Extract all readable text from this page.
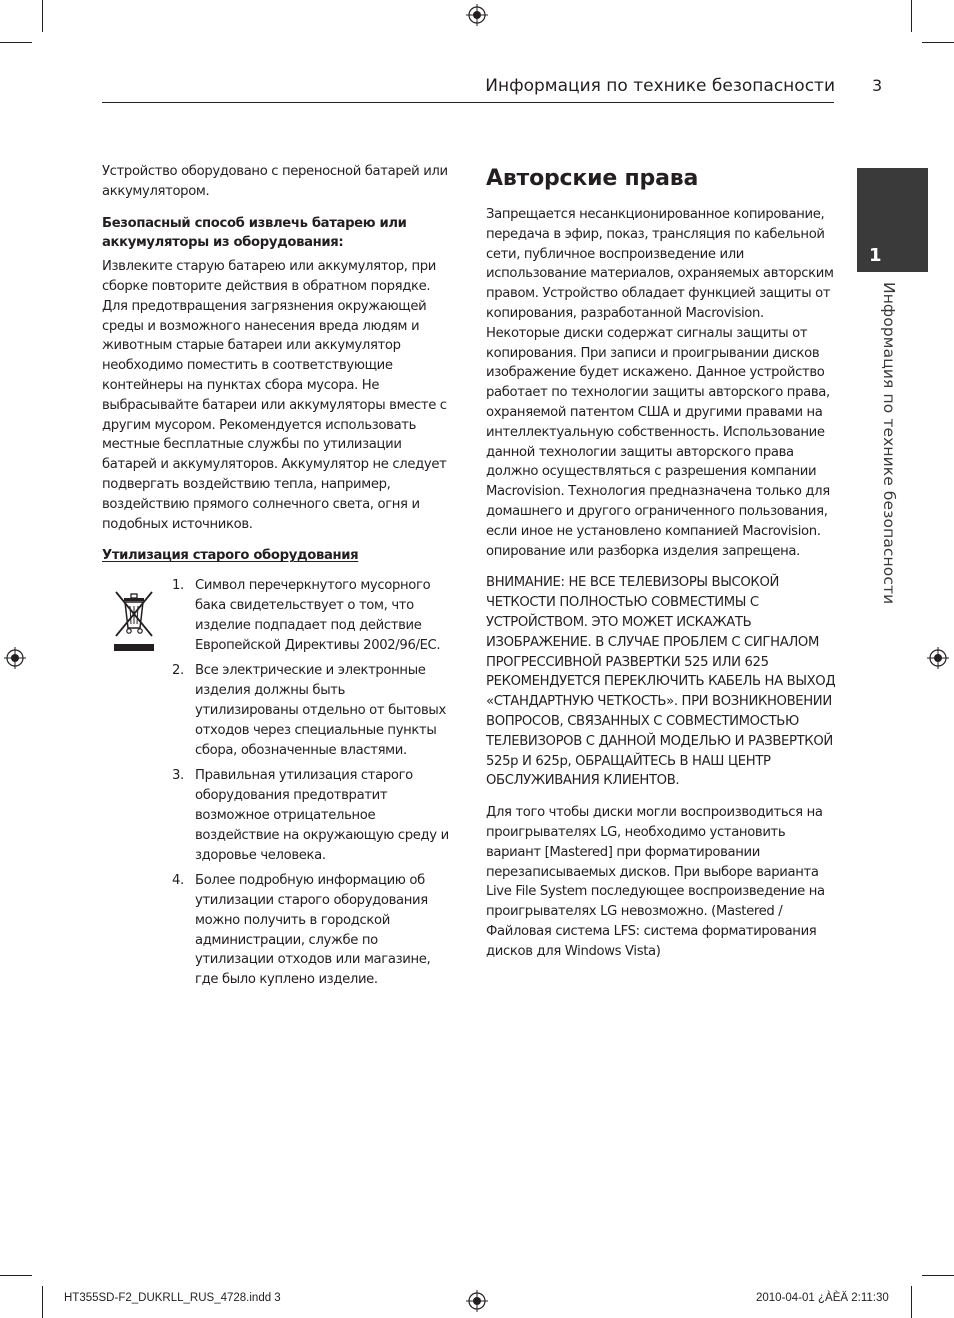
Информация по технике безопасности 3
1
Информация по технике безопасности

Устройство оборудовано с переносной батарей или аккумулятором.

Безопасный способ извлечь батарею или аккумуляторы из оборудования:

Извлеките старую батарею или аккумулятор, при сборке повторите действия в обратном порядке. Для предотвращения загрязнения окружающей среды и возможного нанесения вреда людям и животным старые батареи или аккумулятор необходимо поместить в соответствующие контейнеры на пунктах сбора мусора. Не выбрасывайте батареи или аккумуляторы вместе с другим мусором. Рекомендуется использовать местные бесплатные службы по утилизации батарей и аккумуляторов. Аккумулятор не следует подвергать воздействию тепла, например, воздействию прямого солнечного света, огня и подобных источников.

Утилизация старого оборудования

1. Символ перечеркнутого мусорного бака свидетельствует о том, что изделие подпадает под действие Европейской Директивы 2002/96/EC.
2. Все электрические и электронные изделия должны быть утилизированы отдельно от бытовых отходов через специальные пункты сбора, обозначенные властями.
3. Правильная утилизация старого оборудования предотвратит возможное отрицательное воздействие на окружающую среду и здоровье человека.
4. Более подробную информацию об утилизации старого оборудования можно получить в городской администрации, службе по утилизации отходов или магазине, где было куплено изделие.
Авторские права

Запрещается несанкционированное копирование, передача в эфир, показ, трансляция по кабельной сети, публичное воспроизведение или использование материалов, охраняемых авторским правом. Устройство обладает функцией защиты от копирования, разработанной Macrovision. Некоторые диски содержат сигналы защиты от копирования. При записи и проигрывании дисков изображение будет искажено. Данное устройство работает по технологии защиты авторского права, охраняемой патентом США и другими правами на интеллектуальную собственность. Использование данной технологии защиты авторского права должно осуществляться с разрешения компании Macrovision. Технология предназначена только для домашнего и другого ограниченного пользования, если иное не установлено компанией Macrovision. опирование или разборка изделия запрещена.

ВНИМАНИЕ: НЕ ВСЕ ТЕЛЕВИЗОРЫ ВЫСОКОЙ ЧЕТКОСТИ ПОЛНОСТЬЮ СОВМЕСТИМЫ С УСТРОЙСТВОМ. ЭТО МОЖЕТ ИСКАЖАТЬ ИЗОБРАЖЕНИЕ. В СЛУЧАЕ ПРОБЛЕМ С СИГНАЛОМ ПРОГРЕССИВНОЙ РАЗВЕРТКИ 525 ИЛИ 625 РЕКОМЕНДУЕТСЯ ПЕРЕКЛЮЧИТЬ КАБЕЛЬ НА ВЫХОД «СТАНДАРТНУЮ ЧЕТКОСТЬ». ПРИ ВОЗНИКНОВЕНИИ ВОПРОСОВ, СВЯЗАННЫХ С СОВМЕСТИМОСТЬЮ ТЕЛЕВИЗОРОВ С ДАННОЙ МОДЕЛЬЮ И РАЗВЕРТКОЙ 525p И 625p, ОБРАЩАЙТЕСЬ В НАШ ЦЕНТР ОБСЛУЖИВАНИЯ КЛИЕНТОВ.

Для того чтобы диски могли воспроизводиться на проигрывателях LG, необходимо установить вариант [Mastered] при форматировании перезаписываемых дисков. При выборе варианта Live File System последующее воспроизведение на проигрывателях LG невозможно. (Mastered /Файловая система LFS: система форматирования дисков для Windows Vista)

HT355SD-F2_DUKRLL_RUS_4728.indd 3	2010-04-01 ¿ÀÈÄ 2:11:30
